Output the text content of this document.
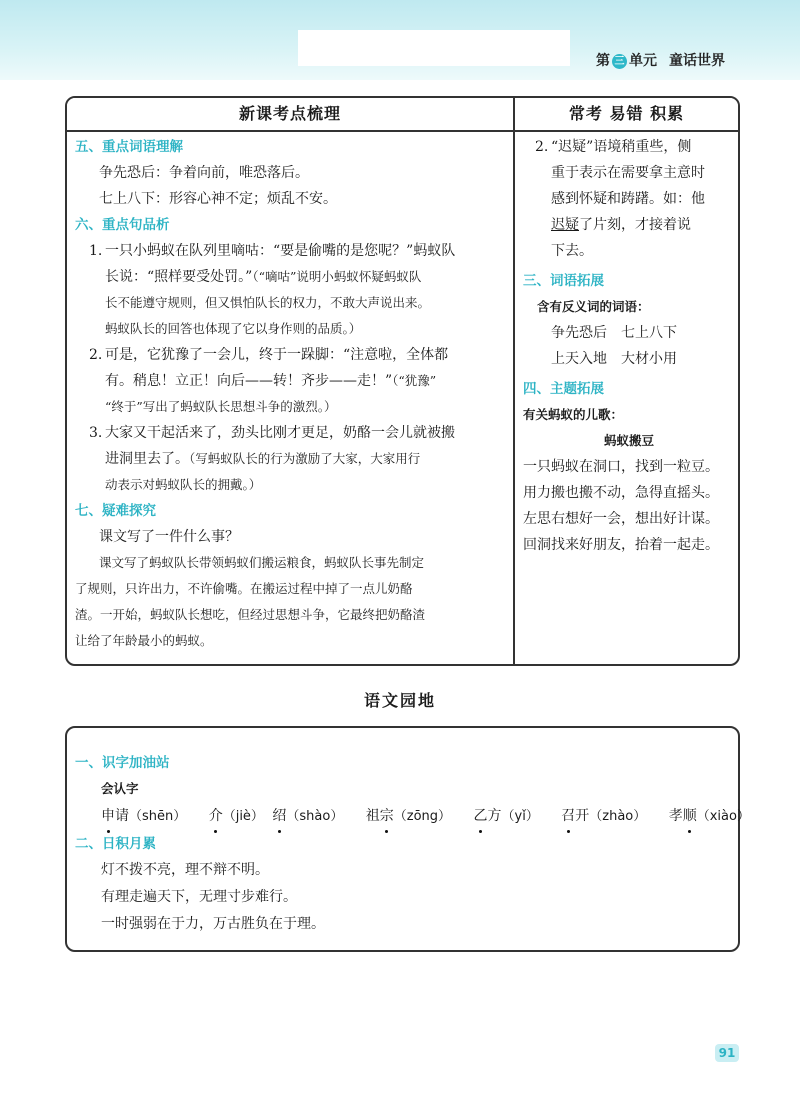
第 三 单元 童话世界
新课考点梳理	常考 易错 积累
五、重点词语理解
争先恐后：争着向前，唯恐落后。
七上八下：形容心神不定；烦乱不安。
六、重点句品析
1. 一只小蚂蚁在队列里嘀咕：“要是偷嘴的是您呢？”蚂蚁队
长说：“照样要受处罚。”（“嘀咕”说明小蚂蚁怀疑蚂蚁队
长不能遵守规则，但又惧怕队长的权力，不敢大声说出来。
蚂蚁队长的回答也体现了它以身作则的品质。）
2. 可是，它犹豫了一会儿，终于一跺脚：“注意啦，全体都
有。稍息！立正！向后——转！齐步——走！”（“犹豫”
“终于”写出了蚂蚁队长思想斗争的激烈。）
3. 大家又干起活来了，劲头比刚才更足，奶酪一会儿就被搬
进洞里去了。（写蚂蚁队长的行为激励了大家，大家用行
动表示对蚂蚁队长的拥戴。）
七、疑难探究
课文写了一件什么事？
课文写了蚂蚁队长带领蚂蚁们搬运粮食，蚂蚁队长事先制定
了规则，只许出力，不许偷嘴。在搬运过程中掉了一点儿奶酪
渣。一开始，蚂蚁队长想吃，但经过思想斗争，它最终把奶酪渣
让给了年龄最小的蚂蚁。
2. “迟疑”语境稍重些，侧
重于表示在需要拿主意时
感到怀疑和踌躇。如：他
迟疑了片刻，才接着说
下去。
三、词语拓展
含有反义词的词语：
争先恐后　七上八下
上天入地　大材小用
四、主题拓展
有关蚂蚁的儿歌：
蚂蚁搬豆
一只蚂蚁在洞口，找到一粒豆。
用力搬也搬不动，急得直摇头。
左思右想好一会，想出好计谋。
回洞找来好朋友，抬着一起走。
语文园地
一、识字加油站
会认字
申请（shēn） 介（jiè） 绍（shào） 祖宗（zōng） 乙方（yǐ） 召开（zhào） 孝顺（xiào）
二、日积月累
灯不拨不亮，理不辩不明。
有理走遍天下，无理寸步难行。
一时强弱在于力，万古胜负在于理。
91
